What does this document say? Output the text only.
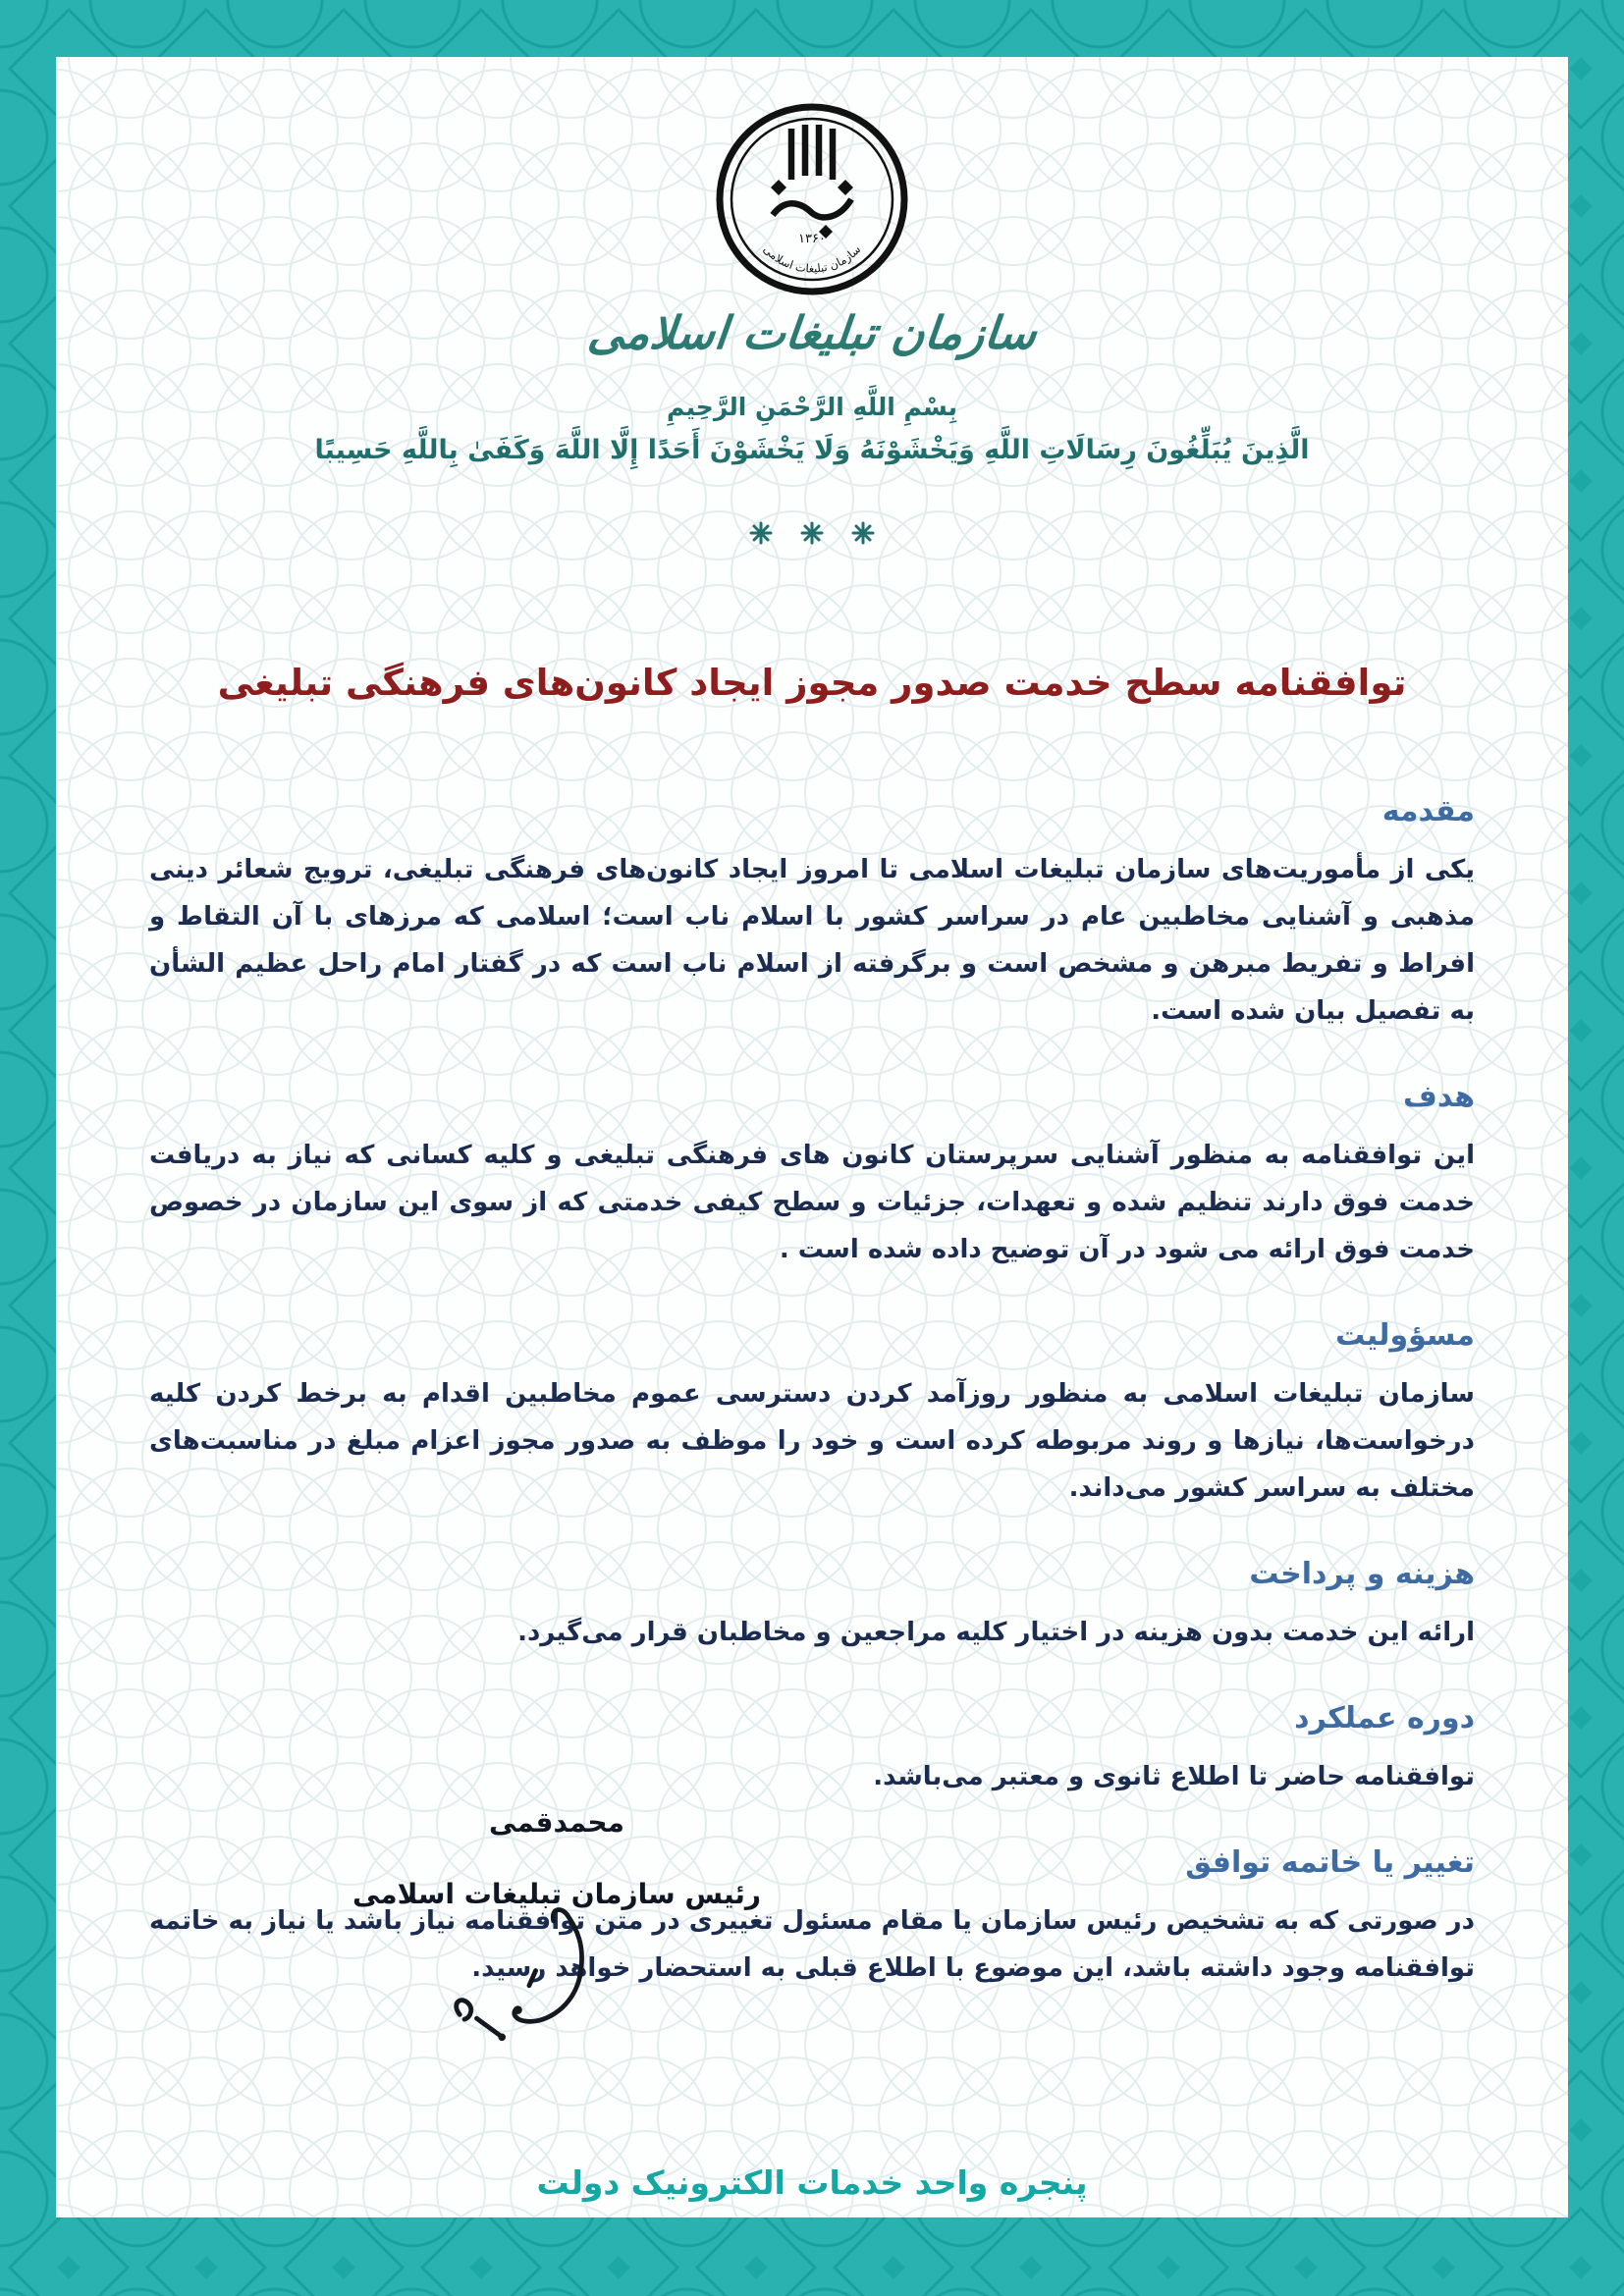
۱۳۶۰
سازمان تبلیغات اسلامی
سازمان تبلیغات اسلامی
بِسْمِ اللَّهِ الرَّحْمَنِ الرَّحِيمِ
الَّذِينَ يُبَلِّغُونَ رِسَالَاتِ اللَّهِ وَيَخْشَوْنَهُ وَلَا يَخْشَوْنَ أَحَدًا إِلَّا اللَّهَ وَكَفَىٰ بِاللَّهِ حَسِيبًا
توافقنامه سطح خدمت صدور مجوز ایجاد کانون‌های فرهنگی تبلیغی
مقدمه
یکی از مأموریت‌های سازمان تبلیغات اسلامی تا امروز ایجاد کانون‌های فرهنگی تبلیغی، ترویج شعائر دینی مذهبی و آشنایی مخاطبین عام در سراسر کشور با اسلام ناب است؛ اسلامی که مرزهای با آن التقاط و افراط و تفریط مبرهن و مشخص است و برگرفته از اسلام ناب است که در گفتار امام راحل عظیم الشأن به تفصیل بیان شده است.
هدف
این توافقنامه به منظور آشنایی سرپرستان کانون های فرهنگی تبلیغی و کلیه کسانی که نیاز به دریافت خدمت فوق دارند تنظیم شده و تعهدات، جزئیات و سطح کیفی خدمتی که از سوی این سازمان در خصوص خدمت فوق ارائه می شود در آن توضیح داده شده است .
مسؤولیت
سازمان تبلیغات اسلامی به منظور روزآمد کردن دسترسی عموم مخاطبین اقدام به برخط کردن کلیه درخواست‌ها، نیازها و روند مربوطه کرده است و خود را موظف به صدور مجوز اعزام مبلغ در مناسبت‌های مختلف به سراسر کشور می‌داند.
هزینه و پرداخت
ارائه این خدمت بدون هزینه در اختیار کلیه مراجعین و مخاطبان قرار می‌گیرد.
دوره عملکرد
توافقنامه حاضر تا اطلاع ثانوی و معتبر می‌باشد.
تغییر یا خاتمه توافق
در صورتی که به تشخیص رئیس سازمان یا مقام مسئول تغییری در متن توافقنامه نیاز باشد یا نیاز به خاتمه توافقنامه وجود داشته باشد، این موضوع با اطلاع قبلی به استحضار خواهد رسید.
محمدقمی
رئیس سازمان تبلیغات اسلامی
پنجره واحد خدمات الکترونیک دولت
